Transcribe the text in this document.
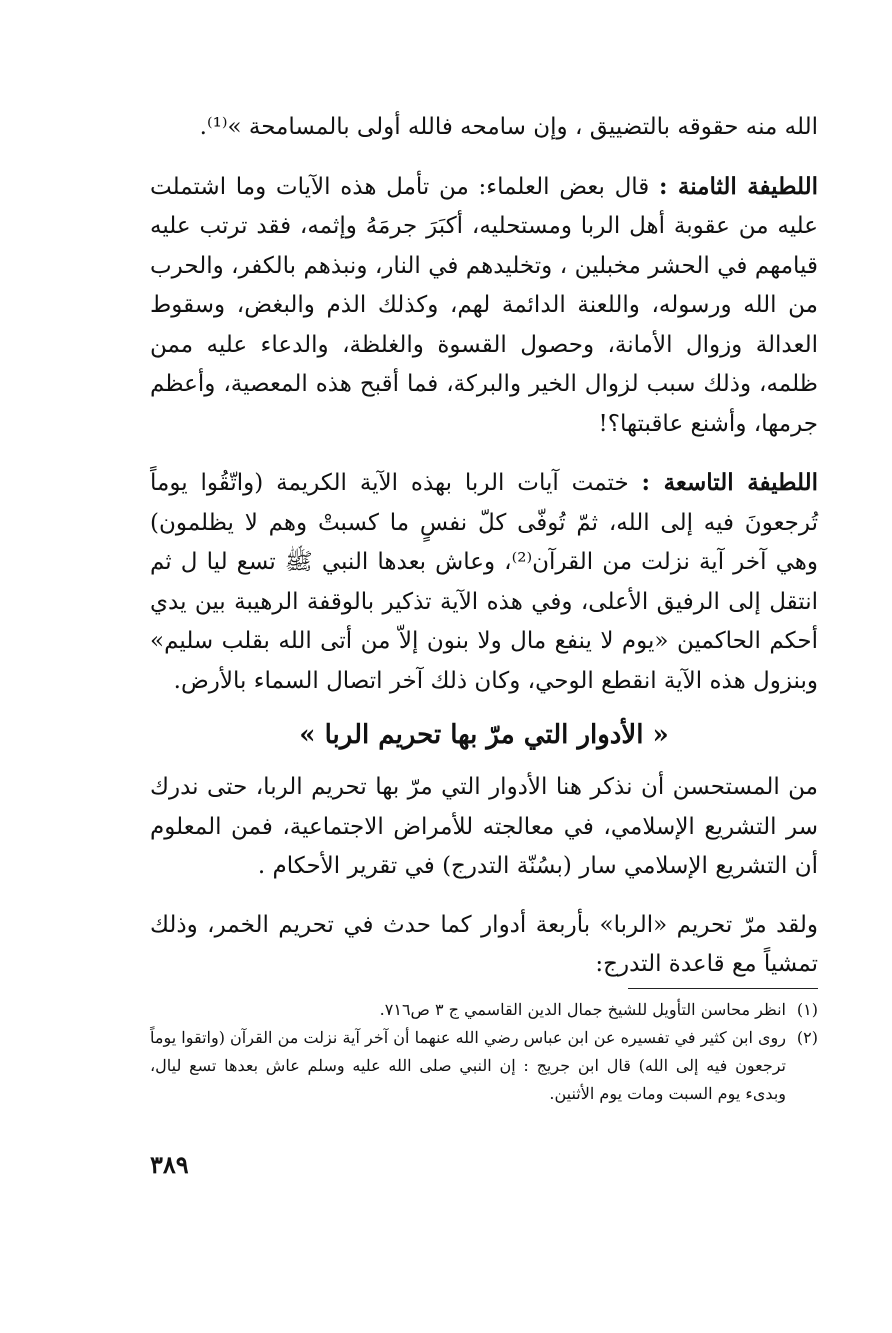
الله منه حقوقه بالتضييق ، وإن سامحه فالله أولى بالمسامحة »⁽¹⁾.

اللطيفة الثامنة : قال بعض العلماء: من تأمل هذه الآيات وما اشتملت عليه من عقوبة أهل الربا ومستحليه، أكبَرَ جرمَهُ وإثمه، فقد ترتب عليه قيامهم في الحشر مخبلين ، وتخليدهم في النار، ونبذهم بالكفر، والحرب من الله ورسوله، واللعنة الدائمة لهم، وكذلك الذم والبغض، وسقوط العدالة وزوال الأمانة، وحصول القسوة والغلظة، والدعاء عليه ممن ظلمه، وذلك سبب لزوال الخير والبركة، فما أقبح هذه المعصية، وأعظم جرمها، وأشنع عاقبتها؟!

اللطيفة التاسعة : ختمت آيات الربا بهذه الآية الكريمة (واتّقُوا يوماً تُرجعونَ فيه إلى الله، ثمّ تُوفّى كلّ نفسٍ ما كسبتْ وهم لا يظلمون) وهي آخر آية نزلت من القرآن⁽²⁾، وعاش بعدها النبي ﷺ تسع ليا ل ثم انتقل إلى الرفيق الأعلى، وفي هذه الآية تذكير بالوقفة الرهيبة بين يدي أحكم الحاكمين «يوم لا ينفع مال ولا بنون إلاّ من أتى الله بقلب سليم» وبنزول هذه الآية انقطع الوحي، وكان ذلك آخر اتصال السماء بالأرض.

« الأدوار التي مرّ بها تحريم الربا »

من المستحسن أن نذكر هنا الأدوار التي مرّ بها تحريم الربا، حتى ندرك سر التشريع الإسلامي، في معالجته للأمراض الاجتماعية، فمن المعلوم أن التشريع الإسلامي سار (بسُنّة التدرج) في تقرير الأحكام .

ولقد مرّ تحريم «الربا» بأربعة أدوار كما حدث في تحريم الخمر، وذلك تمشياً مع قاعدة التدرج:

(١)
انظر محاسن التأويل للشيخ جمال الدين القاسمي ج ٣ ص٧١٦.

(٢)
روى ابن كثير في تفسيره عن ابن عباس رضي الله عنهما أن آخر آية نزلت من القرآن (واتقوا يوماً ترجعون فيه إلى الله) قال ابن جريج : إن النبي صلى الله عليه وسلم عاش بعدها تسع ليال، وبدىء يوم السبت ومات يوم الأثنين.

٣٨٩
